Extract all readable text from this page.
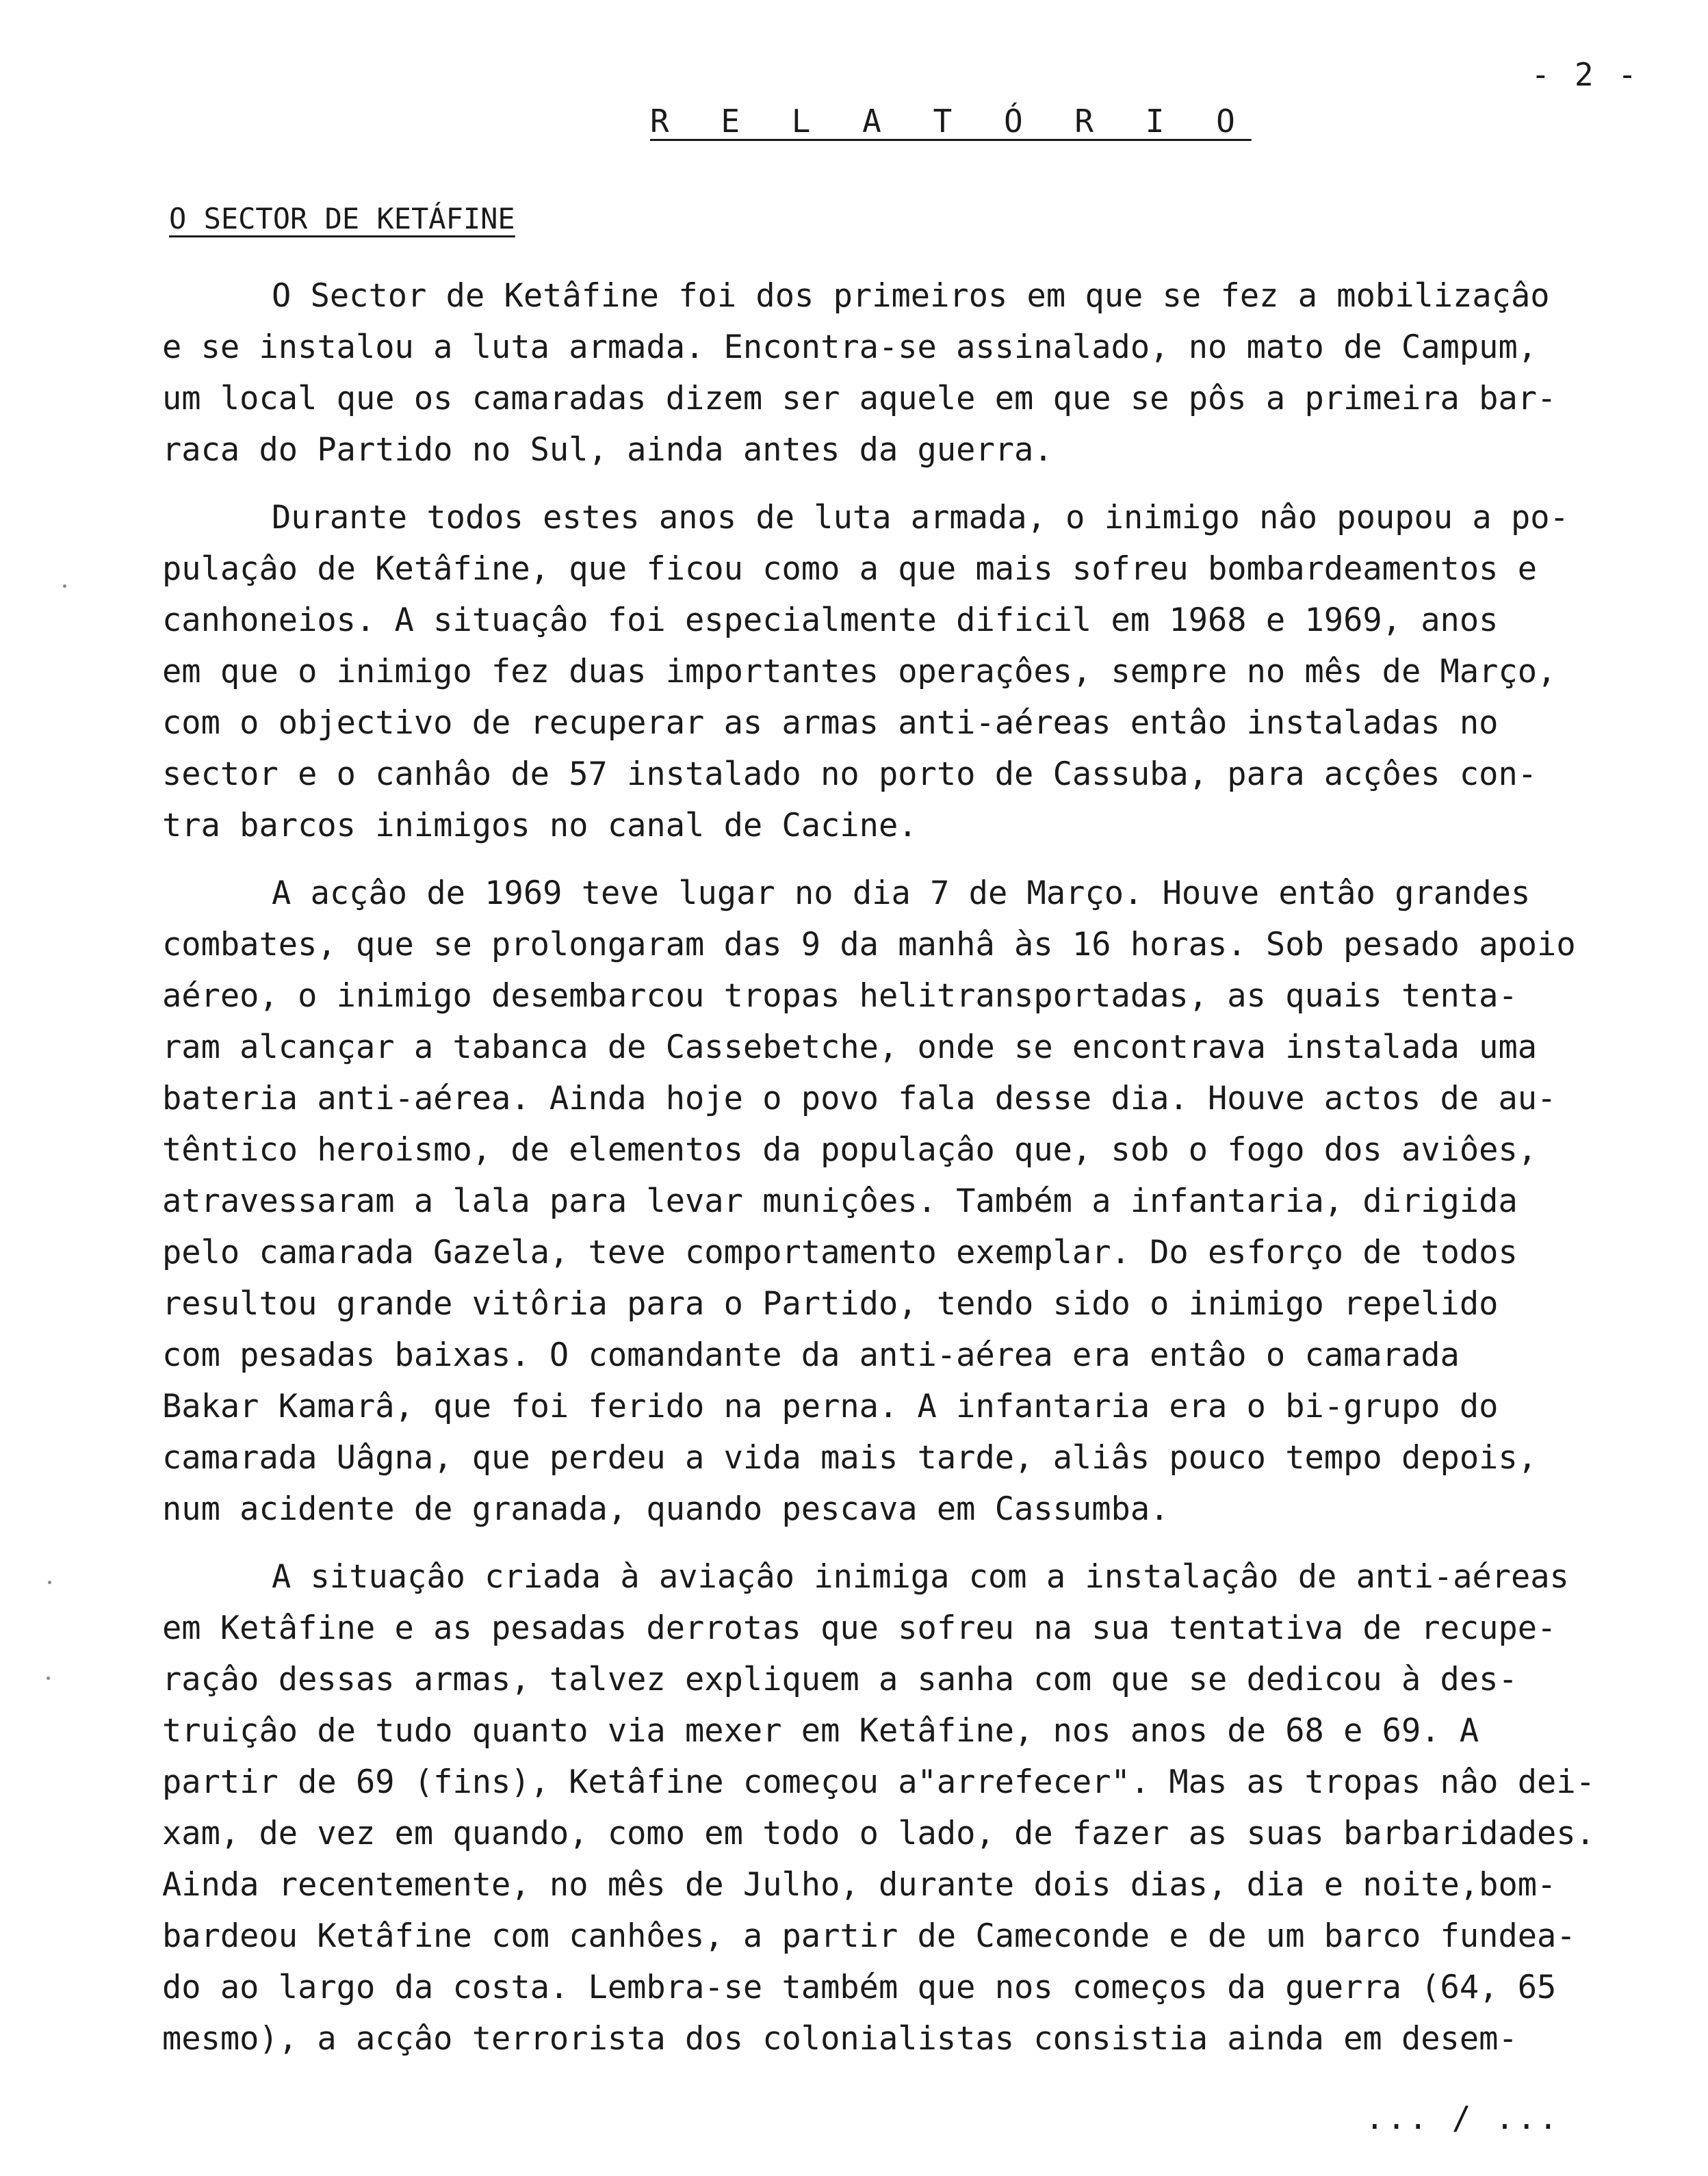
- 2 -
R E L A T Ó R I O
O SECTOR DE KETÁFINE
O Sector de Ketâfine foi dos primeiros em que se fez a mobilizaçâo
e se instalou a luta armada. Encontra-se assinalado, no mato de Campum,
um local que os camaradas dizem ser aquele em que se pôs a primeira bar-
raca do Partido no Sul, ainda antes da guerra.
Durante todos estes anos de luta armada, o inimigo nâo poupou a po-
pulaçâo de Ketâfine, que ficou como a que mais sofreu bombardeamentos e
canhoneios. A situaçâo foi especialmente dificil em 1968 e 1969, anos
em que o inimigo fez duas importantes operaçôes, sempre no mês de Março,
com o objectivo de recuperar as armas anti-aéreas entâo instaladas no
sector e o canhâo de 57 instalado no porto de Cassuba, para acçôes con-
tra barcos inimigos no canal de Cacine.
A acçâo de 1969 teve lugar no dia 7 de Março. Houve entâo grandes
combates, que se prolongaram das 9 da manhâ às 16 horas. Sob pesado apoio
aéreo, o inimigo desembarcou tropas helitransportadas, as quais tenta-
ram alcançar a tabanca de Cassebetche, onde se encontrava instalada uma
bateria anti-aérea. Ainda hoje o povo fala desse dia. Houve actos de au-
têntico heroismo, de elementos da populaçâo que, sob o fogo dos aviôes,
atravessaram a lala para levar muniçôes. Também a infantaria, dirigida
pelo camarada Gazela, teve comportamento exemplar. Do esforço de todos
resultou grande vitôria para o Partido, tendo sido o inimigo repelido
com pesadas baixas. O comandante da anti-aérea era entâo o camarada
Bakar Kamarâ, que foi ferido na perna. A infantaria era o bi-grupo do
camarada Uâgna, que perdeu a vida mais tarde, aliâs pouco tempo depois,
num acidente de granada, quando pescava em Cassumba.
A situaçâo criada à aviaçâo inimiga com a instalaçâo de anti-aéreas
em Ketâfine e as pesadas derrotas que sofreu na sua tentativa de recupe-
raçâo dessas armas, talvez expliquem a sanha com que se dedicou à des-
truiçâo de tudo quanto via mexer em Ketâfine, nos anos de 68 e 69. A
partir de 69 (fins), Ketâfine começou a"arrefecer". Mas as tropas nâo dei-
xam, de vez em quando, como em todo o lado, de fazer as suas barbaridades.
Ainda recentemente, no mês de Julho, durante dois dias, dia e noite,bom-
bardeou Ketâfine com canhôes, a partir de Cameconde e de um barco fundea-
do ao largo da costa. Lembra-se também que nos começos da guerra (64, 65
mesmo), a acçâo terrorista dos colonialistas consistia ainda em desem-
... / ...
